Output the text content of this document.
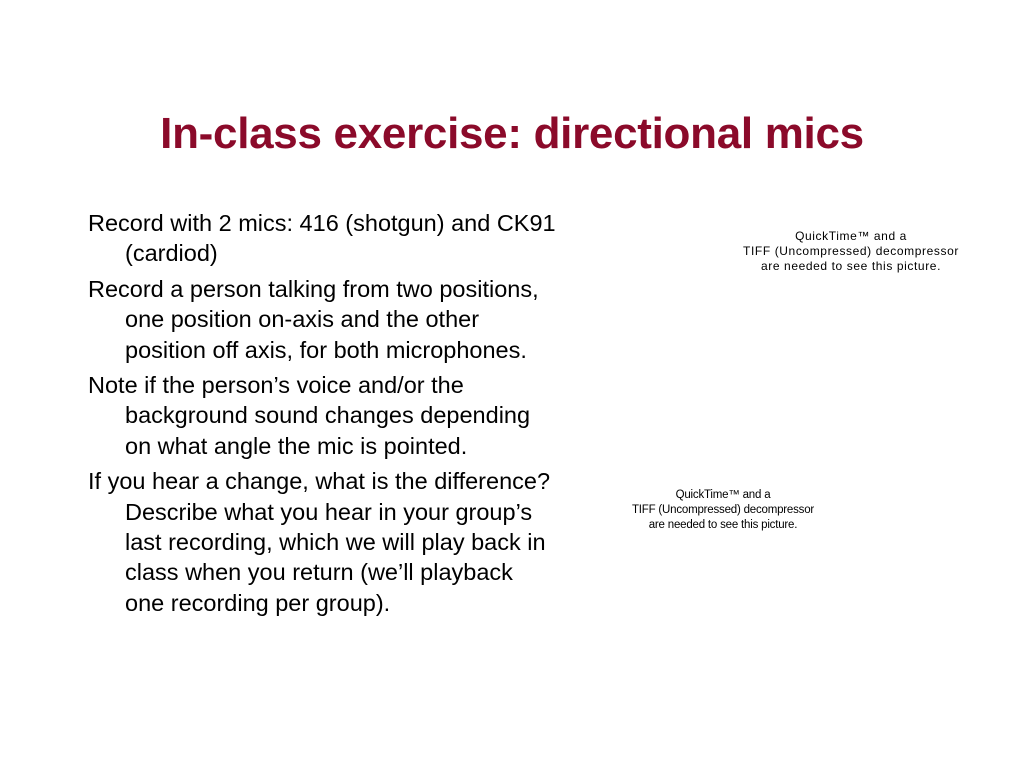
In-class exercise: directional mics
Record with 2 mics: 416 (shotgun) and CK91 (cardiod)
Record a person talking from two positions, one position on-axis and the other position off axis, for both microphones.
Note if the person’s voice and/or the background sound changes depending on what angle the mic is pointed.
If you hear a change, what is the difference? Describe what you hear in your group’s last recording, which we will play back in class when you return (we’ll playback one recording per group).
QuickTime™ and a
TIFF (Uncompressed) decompressor
are needed to see this picture.
QuickTime™ and a
TIFF (Uncompressed) decompressor
are needed to see this picture.
